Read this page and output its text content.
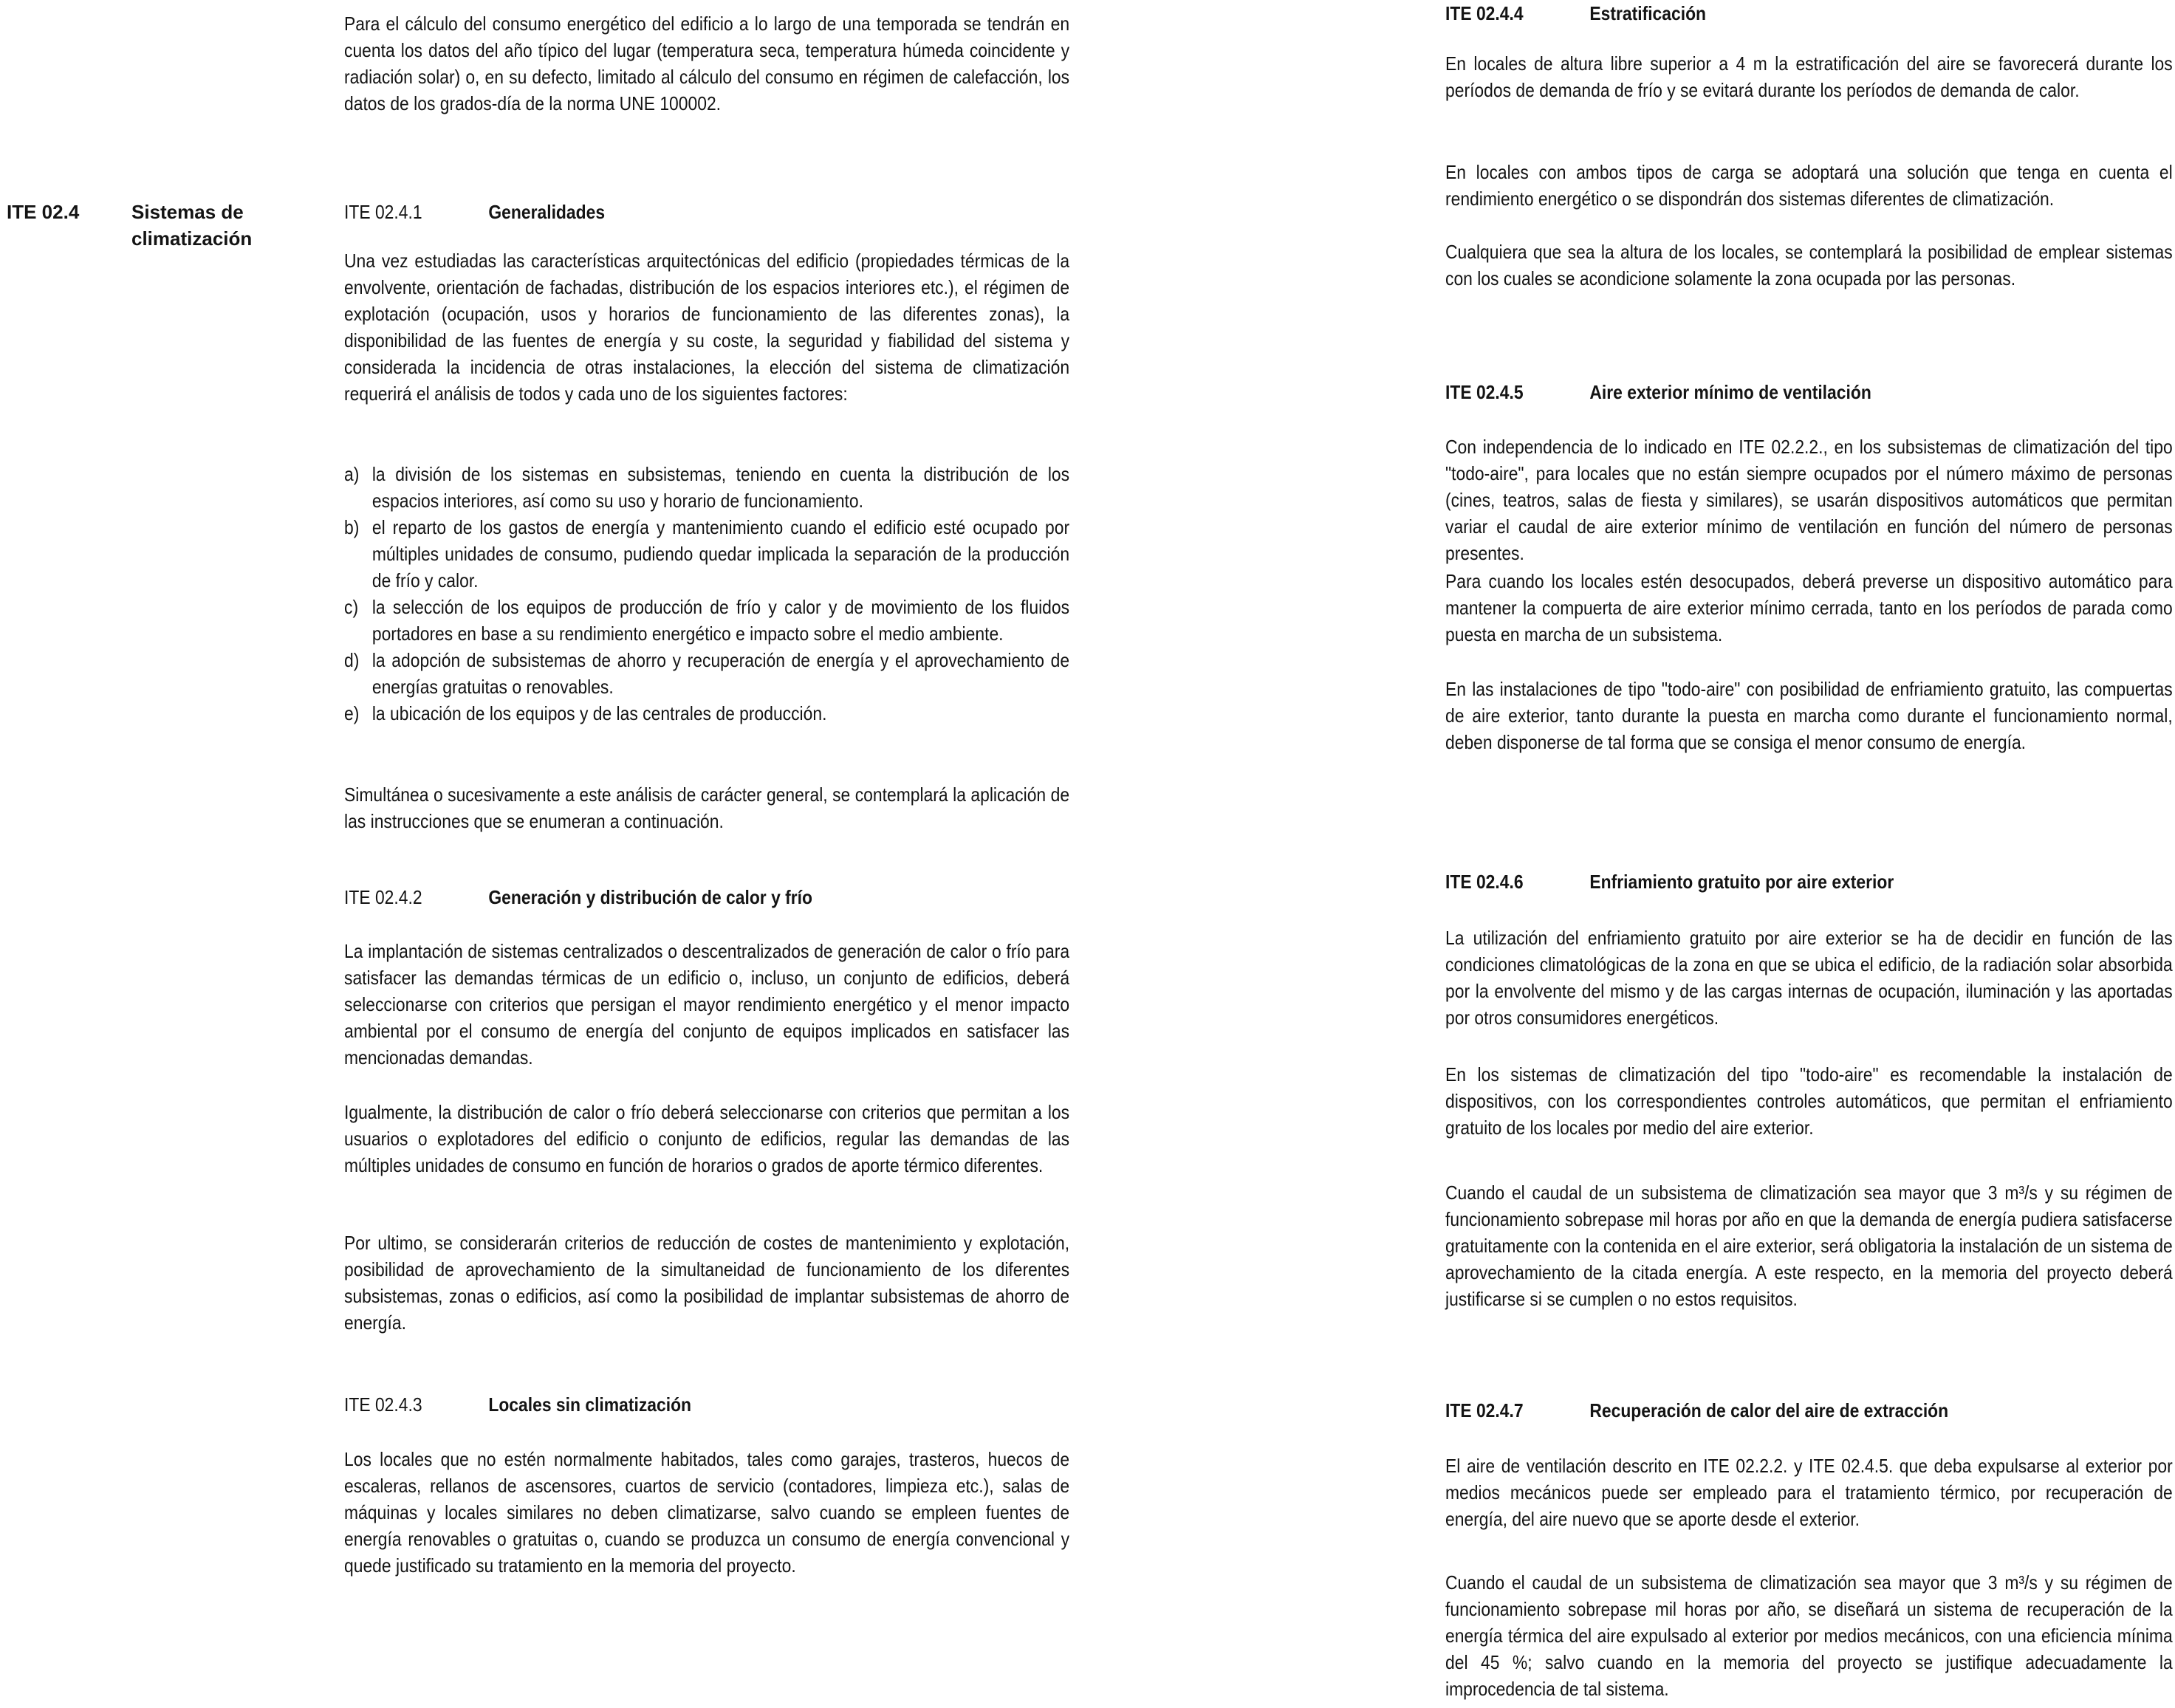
ITE 02.4	Sistemas de climatización

Para el cálculo del consumo energético del edificio a lo largo de una temporada se tendrán en cuenta los datos del año típico del lugar (temperatura seca, temperatura húmeda coincidente y radiación solar) o, en su defecto, limitado al cálculo del consumo en régimen de calefacción, los datos de los grados-día de la norma UNE 100002.

ITE 02.4.1	Generalidades

Una vez estudiadas las características arquitectónicas del edificio (propiedades térmicas de la envolvente, orientación de fachadas, distribución de los espacios interiores etc.), el régimen de explotación (ocupación, usos y horarios de funcionamiento de las diferentes zonas), la disponibilidad de las fuentes de energía y su coste, la seguridad y fiabilidad del sistema y considerada la incidencia de otras instalaciones, la elección del sistema de climatización requerirá el análisis de todos y cada uno de los siguientes factores:

a) la división de los sistemas en subsistemas, teniendo en cuenta la distribución de los espacios interiores, así como su uso y horario de funcionamiento.
b) el reparto de los gastos de energía y mantenimiento cuando el edificio esté ocupado por múltiples unidades de consumo, pudiendo quedar implicada la separación de la producción de frío y calor.
c) la selección de los equipos de producción de frío y calor y de movimiento de los fluidos portadores en base a su rendimiento energético e impacto sobre el medio ambiente.
d) la adopción de subsistemas de ahorro y recuperación de energía y el aprovechamiento de energías gratuitas o renovables.
e) la ubicación de los equipos y de las centrales de producción.

Simultánea o sucesivamente a este análisis de carácter general, se contemplará la aplicación de las instrucciones que se enumeran a continuación.

ITE 02.4.2	Generación y distribución de calor y frío

La implantación de sistemas centralizados o descentralizados de generación de calor o frío para satisfacer las demandas térmicas de un edificio o, incluso, un conjunto de edificios, deberá seleccionarse con criterios que persigan el mayor rendimiento energético y el menor impacto ambiental por el consumo de energía del conjunto de equipos implicados en satisfacer las mencionadas demandas.

Igualmente, la distribución de calor o frío deberá seleccionarse con criterios que permitan a los usuarios o explotadores del edificio o conjunto de edificios, regular las demandas de las múltiples unidades de consumo en función de horarios o grados de aporte térmico diferentes.

Por ultimo, se considerarán criterios de reducción de costes de mantenimiento y explotación, posibilidad de aprovechamiento de la simultaneidad de funcionamiento de los diferentes subsistemas, zonas o edificios, así como la posibilidad de implantar subsistemas de ahorro de energía.

ITE 02.4.3	Locales sin climatización

Los locales que no estén normalmente habitados, tales como garajes, trasteros, huecos de escaleras, rellanos de ascensores, cuartos de servicio (contadores, limpieza etc.), salas de máquinas y locales similares no deben climatizarse, salvo cuando se empleen fuentes de energía renovables o gratuitas o, cuando se produzca un consumo de energía convencional y quede justificado su tratamiento en la memoria del proyecto.

ITE 02.4.4	Estratificación

En locales de altura libre superior a 4 m la estratificación del aire se favorecerá durante los períodos de demanda de frío y se evitará durante los períodos de demanda de calor.

En locales con ambos tipos de carga se adoptará una solución que tenga en cuenta el rendimiento energético o se dispondrán dos sistemas diferentes de climatización.

Cualquiera que sea la altura de los locales, se contemplará la posibilidad de emplear sistemas con los cuales se acondicione solamente la zona ocupada por las personas.

ITE 02.4.5	Aire exterior mínimo de ventilación

Con independencia de lo indicado en ITE 02.2.2., en los subsistemas de climatización del tipo "todo-aire", para locales que no están siempre ocupados por el número máximo de personas (cines, teatros, salas de fiesta y similares), se usarán dispositivos automáticos que permitan variar el caudal de aire exterior mínimo de ventilación en función del número de personas presentes.

Para cuando los locales estén desocupados, deberá preverse un dispositivo automático para mantener la compuerta de aire exterior mínimo cerrada, tanto en los períodos de parada como puesta en marcha de un subsistema.

En las instalaciones de tipo "todo-aire" con posibilidad de enfriamiento gratuito, las compuertas de aire exterior, tanto durante la puesta en marcha como durante el funcionamiento normal, deben disponerse de tal forma que se consiga el menor consumo de energía.

ITE 02.4.6	Enfriamiento gratuito por aire exterior

La utilización del enfriamiento gratuito por aire exterior se ha de decidir en función de las condiciones climatológicas de la zona en que se ubica el edificio, de la radiación solar absorbida por la envolvente del mismo y de las cargas internas de ocupación, iluminación y las aportadas por otros consumidores energéticos.

En los sistemas de climatización del tipo "todo-aire" es recomendable la instalación de dispositivos, con los correspondientes controles automáticos, que permitan el enfriamiento gratuito de los locales por medio del aire exterior.

Cuando el caudal de un subsistema de climatización sea mayor que 3 m³/s y su régimen de funcionamiento sobrepase mil horas por año en que la demanda de energía pudiera satisfacerse gratuitamente con la contenida en el aire exterior, será obligatoria la instalación de un sistema de aprovechamiento de la citada energía. A este respecto, en la memoria del proyecto deberá justificarse si se cumplen o no estos requisitos.

ITE 02.4.7	Recuperación de calor del aire de extracción

El aire de ventilación descrito en ITE 02.2.2. y ITE 02.4.5. que deba expulsarse al exterior por medios mecánicos puede ser empleado para el tratamiento térmico, por recuperación de energía, del aire nuevo que se aporte desde el exterior.

Cuando el caudal de un subsistema de climatización sea mayor que 3 m³/s y su régimen de funcionamiento sobrepase mil horas por año, se diseñará un sistema de recuperación de la energía térmica del aire expulsado al exterior por medios mecánicos, con una eficiencia mínima del 45 %; salvo cuando en la memoria del proyecto se justifique adecuadamente la improcedencia de tal sistema.
